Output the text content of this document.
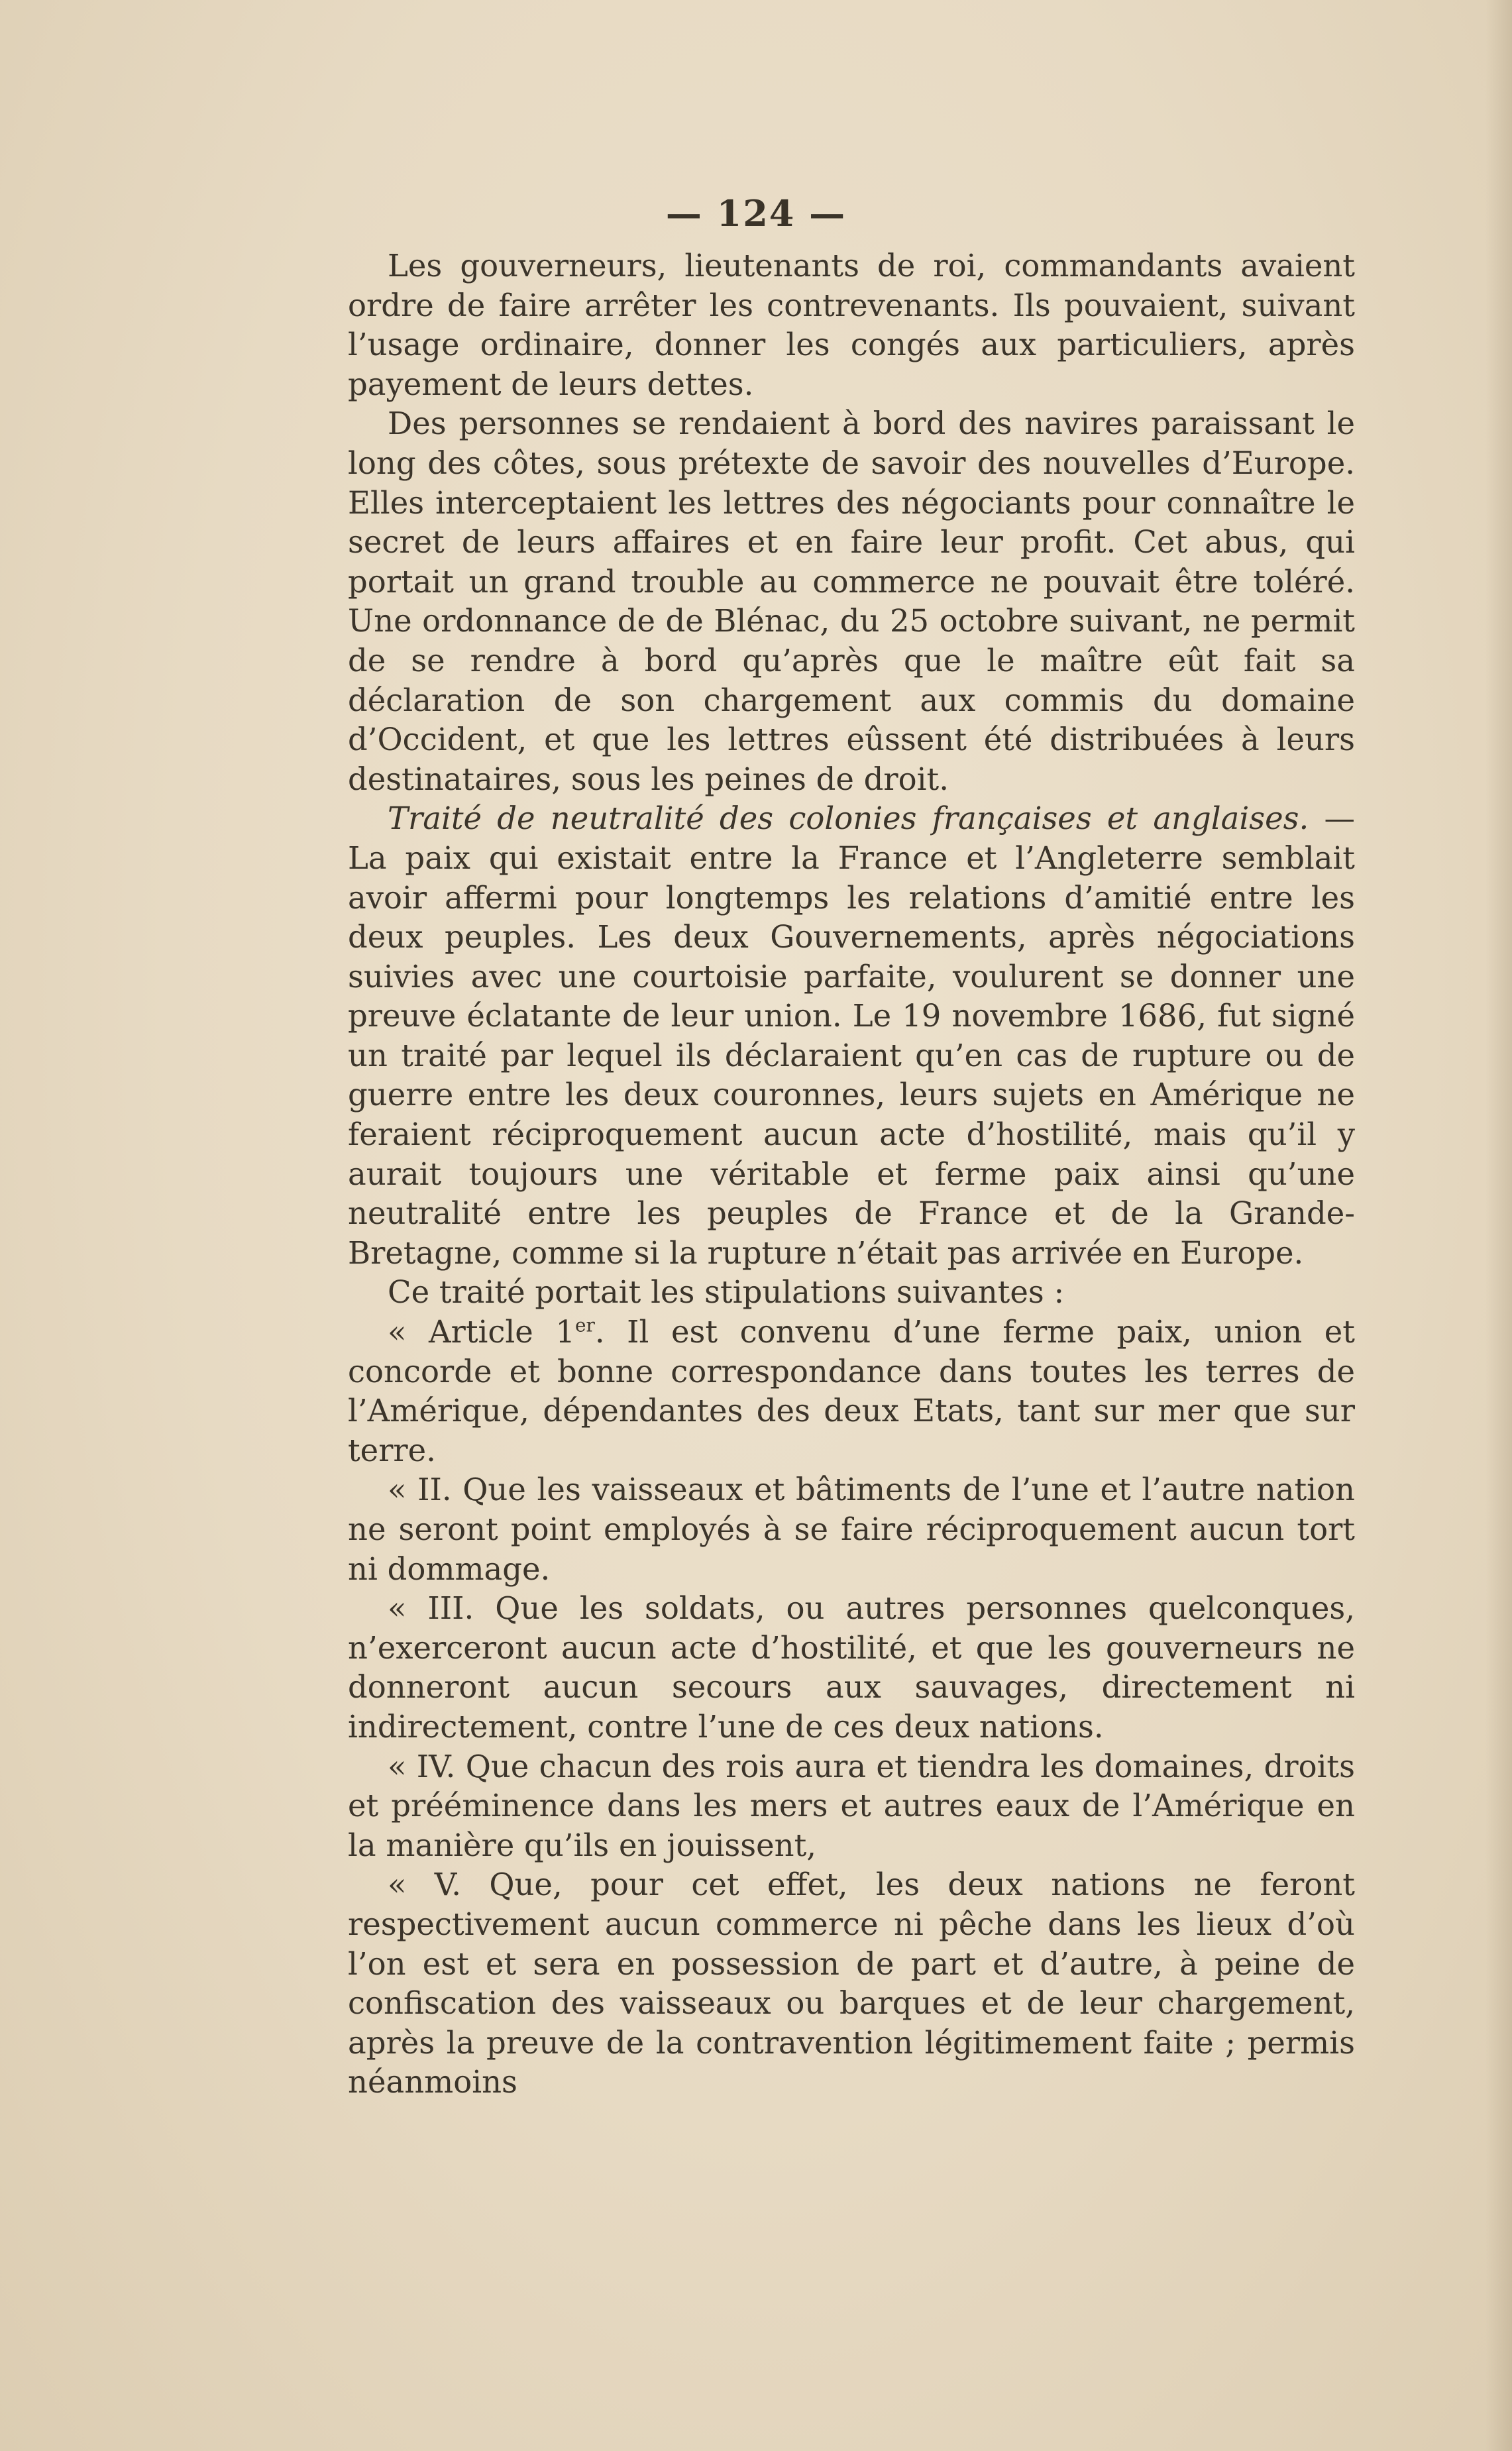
— 124 —

Les gouverneurs, lieutenants de roi, commandants avaient ordre de faire arrêter les contrevenants. Ils pouvaient, suivant l’usage ordinaire, donner les congés aux particuliers, après payement de leurs dettes.

Des personnes se rendaient à bord des navires paraissant le long des côtes, sous prétexte de savoir des nouvelles d’Europe. Elles interceptaient les lettres des négociants pour connaître le secret de leurs affaires et en faire leur profit. Cet abus, qui portait un grand trouble au commerce ne pouvait être toléré. Une ordonnance de de Blénac, du 25 octobre suivant, ne permit de se rendre à bord qu’après que le maître eût fait sa déclaration de son chargement aux commis du domaine d’Occident, et que les lettres eûssent été distribuées à leurs destinataires, sous les peines de droit.

Traité de neutralité des colonies françaises et anglaises. — La paix qui existait entre la France et l’Angleterre semblait avoir affermi pour longtemps les relations d’amitié entre les deux peuples. Les deux Gouvernements, après négociations suivies avec une courtoisie parfaite, voulurent se donner une preuve éclatante de leur union. Le 19 novembre 1686, fut signé un traité par lequel ils déclaraient qu’en cas de rupture ou de guerre entre les deux couronnes, leurs sujets en Amérique ne feraient réciproquement aucun acte d’hostilité, mais qu’il y aurait toujours une véritable et ferme paix ainsi qu’une neutralité entre les peuples de France et de la Grande-Bretagne, comme si la rupture n’était pas arrivée en Europe.

Ce traité portait les stipulations suivantes :

« Article 1er. Il est convenu d’une ferme paix, union et concorde et bonne correspondance dans toutes les terres de l’Amérique, dépendantes des deux Etats, tant sur mer que sur terre.

« II. Que les vaisseaux et bâtiments de l’une et l’autre nation ne seront point employés à se faire réciproquement aucun tort ni dommage.

« III. Que les soldats, ou autres personnes quelconques, n’exerceront aucun acte d’hostilité, et que les gouverneurs ne donneront aucun secours aux sauvages, directement ni indirectement, contre l’une de ces deux nations.

« IV. Que chacun des rois aura et tiendra les domaines, droits et prééminence dans les mers et autres eaux de l’Amérique en la manière qu’ils en jouissent,

« V. Que, pour cet effet, les deux nations ne feront respectivement aucun commerce ni pêche dans les lieux d’où l’on est et sera en possession de part et d’autre, à peine de confiscation des vaisseaux ou barques et de leur chargement, après la preuve de la contravention légitimement faite ; permis néanmoins
